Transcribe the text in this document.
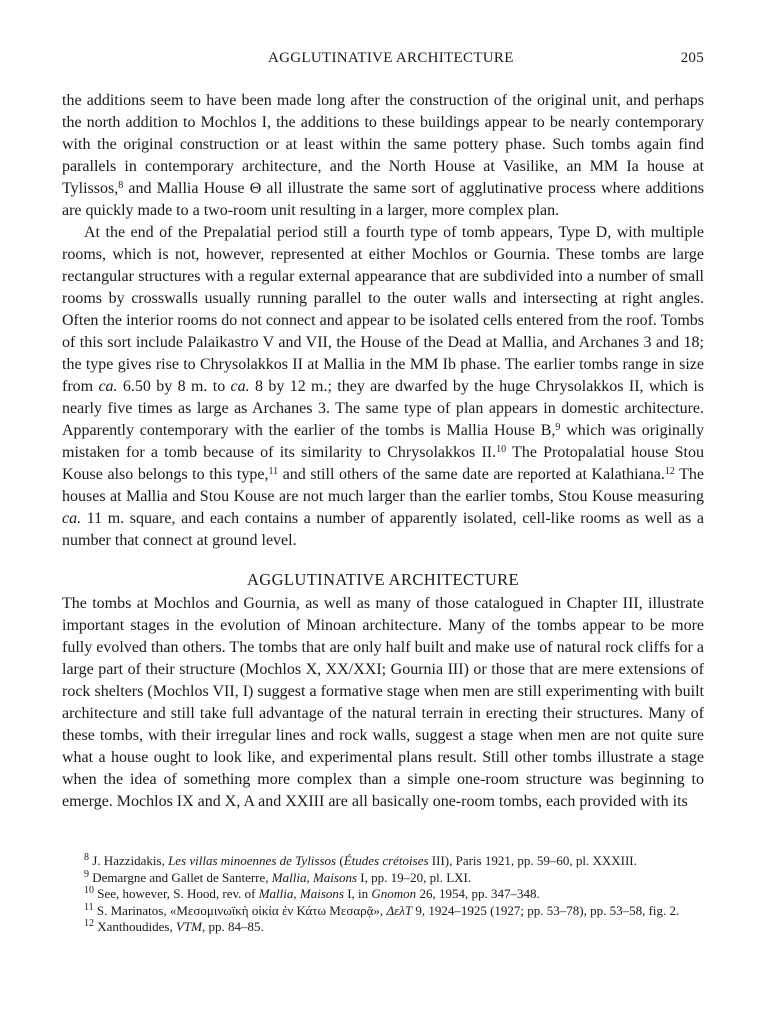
AGGLUTINATIVE ARCHITECTURE	205

the additions seem to have been made long after the construction of the original unit, and perhaps the north addition to Mochlos I, the additions to these buildings appear to be nearly contemporary with the original construction or at least within the same pottery phase. Such tombs again find parallels in contemporary architecture, and the North House at Vasilike, an MM Ia house at Tylissos,$^8$ and Mallia House Θ all illustrate the same sort of agglutinative process where additions are quickly made to a two-room unit resulting in a larger, more complex plan.

At the end of the Prepalatial period still a fourth type of tomb appears, Type D, with multiple rooms, which is not, however, represented at either Mochlos or Gournia. These tombs are large rectangular structures with a regular external appearance that are subdivided into a number of small rooms by crosswalls usually running parallel to the outer walls and intersecting at right angles. Often the interior rooms do not connect and appear to be isolated cells entered from the roof. Tombs of this sort include Palaikastro V and VII, the House of the Dead at Mallia, and Archanes 3 and 18; the type gives rise to Chrysolakkos II at Mallia in the MM Ib phase. The earlier tombs range in size from ca. 6.50 by 8 m. to ca. 8 by 12 m.; they are dwarfed by the huge Chrysolakkos II, which is nearly five times as large as Archanes 3. The same type of plan appears in domestic architecture. Apparently contemporary with the earlier of the tombs is Mallia House B,$^9$ which was originally mistaken for a tomb because of its similarity to Chrysolakkos II.$^{10}$ The Protopalatial house Stou Kouse also belongs to this type,$^{11}$ and still others of the same date are reported at Kalathiana.$^{12}$ The houses at Mallia and Stou Kouse are not much larger than the earlier tombs, Stou Kouse measuring ca. 11 m. square, and each contains a number of apparently isolated, cell-like rooms as well as a number that connect at ground level.

AGGLUTINATIVE ARCHITECTURE

The tombs at Mochlos and Gournia, as well as many of those catalogued in Chapter III, illustrate important stages in the evolution of Minoan architecture. Many of the tombs appear to be more fully evolved than others. The tombs that are only half built and make use of natural rock cliffs for a large part of their structure (Mochlos X, XX/XXI; Gournia III) or those that are mere extensions of rock shelters (Mochlos VII, I) suggest a formative stage when men are still experimenting with built architecture and still take full advantage of the natural terrain in erecting their structures. Many of these tombs, with their irregular lines and rock walls, suggest a stage when men are not quite sure what a house ought to look like, and experimental plans result. Still other tombs illustrate a stage when the idea of something more complex than a simple one-room structure was beginning to emerge. Mochlos IX and X, A and XXIII are all basically one-room tombs, each provided with its

$^8$ J. Hazzidakis, Les villas minoennes de Tylissos (Études crétoises III), Paris 1921, pp. 59–60, pl. XXXIII.

$^9$ Demargne and Gallet de Santerre, Mallia, Maisons I, pp. 19–20, pl. LXI.

$^{10}$ See, however, S. Hood, rev. of Mallia, Maisons I, in Gnomon 26, 1954, pp. 347–348.

$^{11}$ S. Marinatos, «Μεσομινωϊκὴ οἰκία ἐν Κάτω Μεσαρᾷ», ΔελΤ 9, 1924–1925 (1927; pp. 53–78), pp. 53–58, fig. 2.

$^{12}$ Xanthoudides, VTM, pp. 84–85.
